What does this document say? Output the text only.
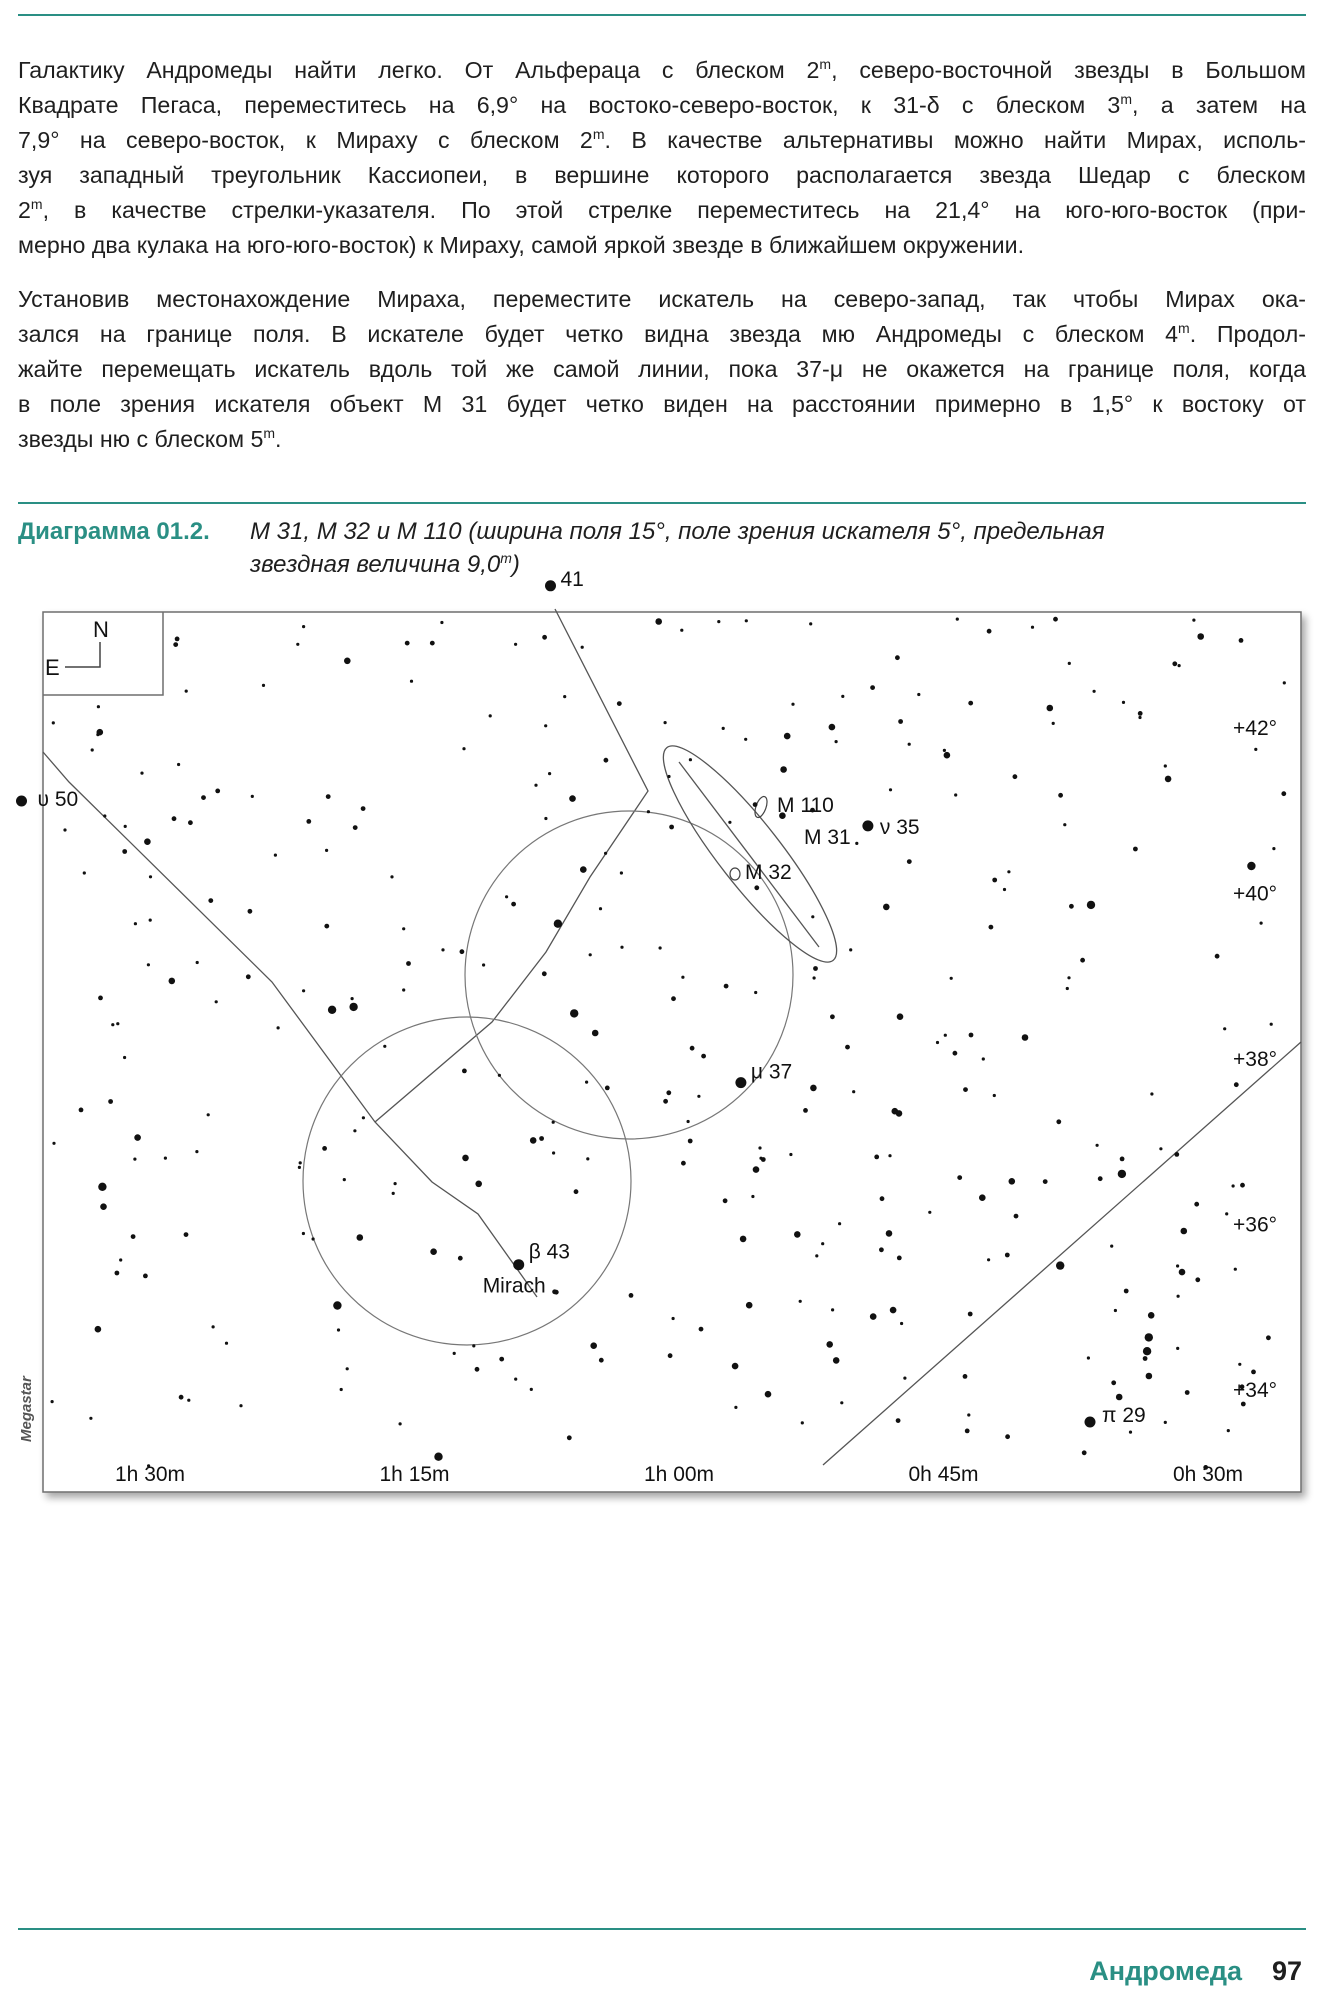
Галактику Андромеды найти легко. От Альфераца с блеском 2$^m$, северо-восточной звезды в Большом
Квадрате Пегаса, переместитесь на 6,9° на востоко-северо-восток, к 31-δ с блеском 3$^m$, а затем на
7,9° на северо-восток, к Мираху с блеском 2$^m$. В качестве альтернативы можно найти Мирах, исполь-
зуя западный треугольник Кассиопеи, в вершине которого располагается звезда Шедар с блеском
2$^m$, в качестве стрелки-указателя. По этой стрелке переместитесь на 21,4° на юго-юго-восток (при-
мерно два кулака на юго-юго-восток) к Мираху, самой яркой звезде в ближайшем окружении.
Установив местонахождение Мираха, переместите искатель на северо-запад, так чтобы Мирах ока-
зался на границе поля. В искателе будет четко видна звезда мю Андромеды с блеском 4$^m$. Продол-
жайте перемещать искатель вдоль той же самой линии, пока 37-μ не окажется на границе поля, когда
в поле зрения искателя объект М 31 будет четко виден на расстоянии примерно в 1,5° к востоку от
звезды ню с блеском 5$^m$.
Диаграмма 01.2. M 31, M 32 и M 110 (ширина поля 15°, поле зрения искателя 5°, предельная
звездная величина 9,0$^m$)
N
E
υ 50
41
ν 35
μ 37
β 43
π 29
Mirach
M 110
M 31
M 32
1h 30m	1h 15m	1h 00m	0h 45m	0h 30m
+42°
+40°
+38°
+36°
+34°
Megastar
Андромеда 97
